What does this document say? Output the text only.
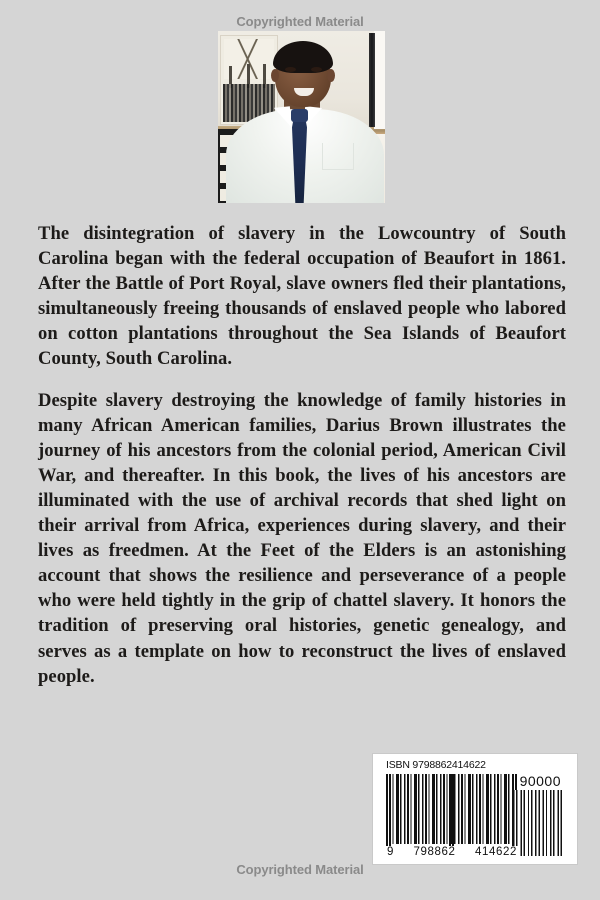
Copyrighted Material

The disintegration of slavery in the Lowcountry of South Carolina began with the federal occupation of Beaufort in 1861. After the Battle of Port Royal, slave owners fled their plantations, simultaneously freeing thousands of enslaved people who labored on cotton plantations throughout the Sea Islands of Beaufort County, South Carolina.

Despite slavery destroying the knowledge of family histories in many African American families, Darius Brown illustrates the journey of his ancestors from the colonial period, American Civil War, and thereafter. In this book, the lives of his ancestors are illuminated with the use of archival records that shed light on their arrival from Africa, experiences during slavery, and their lives as freedmen. At the Feet of the Elders is an astonishing account that shows the resilience and perseverance of a people who were held tightly in the grip of chattel slavery. It honors the tradition of preserving oral histories, genetic genealogy, and serves as a template on how to reconstruct the lives of enslaved people.

ISBN 9798862414622
90000
9 798862 414622
Copyrighted Material
